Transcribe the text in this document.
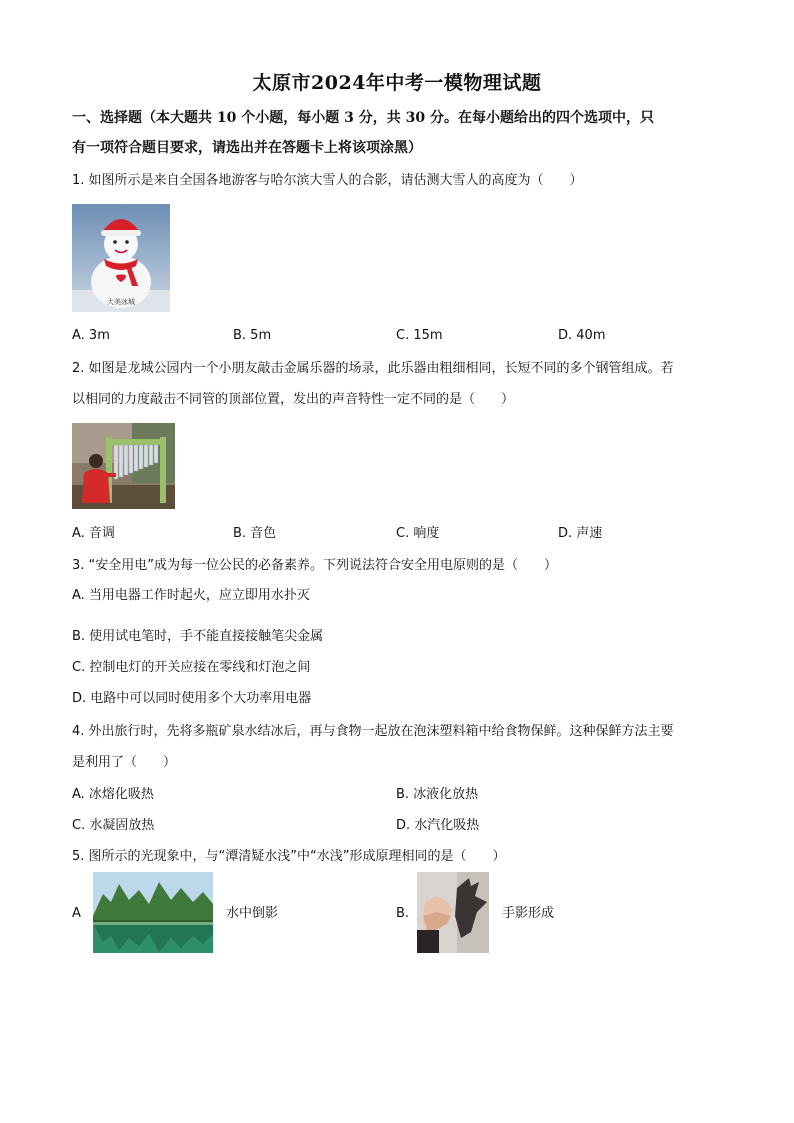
太原市2024年中考一模物理试题
一、选择题（本大题共 10 个小题，每小题 3 分，共 30 分。在每小题给出的四个选项中，只
有一项符合题目要求，请选出并在答题卡上将该项涂黑）
1. 如图所示是来自全国各地游客与哈尔滨大雪人的合影，请估测大雪人的高度为（　　）
大美冰城
A. 3m	B. 5m	C. 15m	D. 40m
2. 如图是龙城公园内一个小朋友敲击金属乐器的场录，此乐器由粗细相同，长短不同的多个钢管组成。若
以相同的力度敲击不同管的顶部位置，发出的声音特性一定不同的是（　　）
A. 音调	B. 音色	C. 响度	D. 声速
3. “安全用电”成为每一位公民的必备素养。下列说法符合安全用电原则的是（　　）
A. 当用电器工作时起火，应立即用水扑灭
B. 使用试电笔时，手不能直接接触笔尖金属
C. 控制电灯的开关应接在零线和灯泡之间
D. 电路中可以同时使用多个大功率用电器
4. 外出旅行时，先将多瓶矿泉水结冰后，再与食物一起放在泡沫塑料箱中给食物保鲜。这种保鲜方法主要
是利用了（　　）
A. 冰熔化吸热	B. 冰液化放热
C. 水凝固放热	D. 水汽化吸热
5. 图所示的光现象中，与“潭清疑水浅”中“水浅”形成原理相同的是（　　）
A	水中倒影	B.	手影形成
